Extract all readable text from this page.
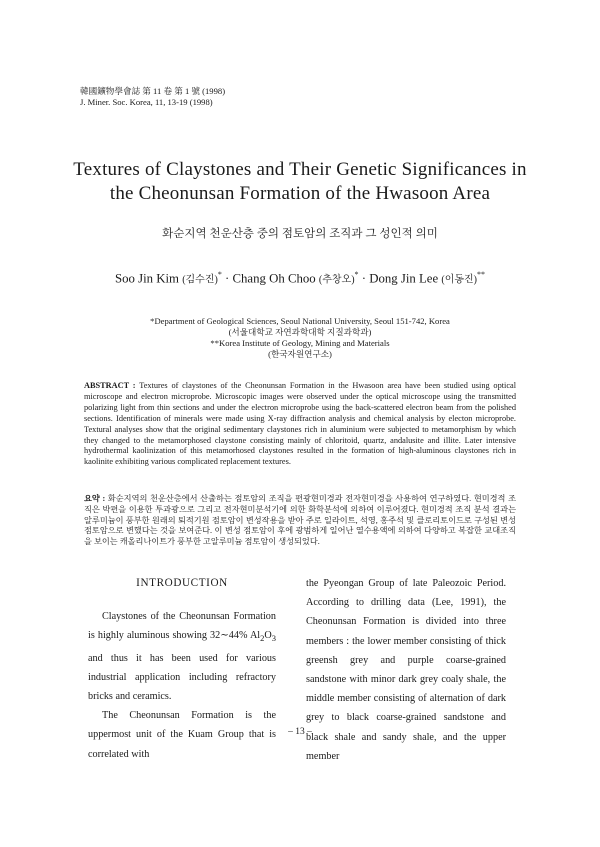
韓國鑛物學會誌 第 11 卷 第 1 號 (1998)
J. Miner. Soc. Korea, 11, 13-19 (1998)
Textures of Claystones and Their Genetic Significances in
the Cheonunsan Formation of the Hwasoon Area
화순지역 천운산층 중의 점토암의 조직과 그 성인적 의미
Soo Jin Kim (김수진)* · Chang Oh Choo (추창오)* · Dong Jin Lee (이동진)**
*Department of Geological Sciences, Seoul National University, Seoul 151-742, Korea
(서울대학교 자연과학대학 지질과학과)
**Korea Institute of Geology, Mining and Materials
(한국자원연구소)
ABSTRACT : Textures of claystones of the Cheonunsan Formation in the Hwasoon area have been studied using optical microscope and electron microprobe. Microscopic images were observed under the optical microscope using the transmitted polarizing light from thin sections and under the electron microprobe using the back-scattered electron beam from the polished sections. Identification of minerals were made using X-ray diffraction analysis and chemical analysis by electon microprobe. Textural analyses show that the original sedimentary claystones rich in aluminium were subjected to metamorphism by which they changed to the metamorphosed claystone consisting mainly of chloritoid, quartz, andalusite and illite. Later intensive hydrothermal kaolinization of this metamorhosed claystones resulted in the formation of high-aluminous claystones rich in kaolinite exhibiting various complicated replacement textures.
요약 : 화순지역의 천운산층에서 산출하는 점토암의 조직을 편광현미경과 전자현미경을 사용하여 연구하였다. 현미경적 조직은 박편을 이용한 투과광으로 그리고 전자현미분석기에 의한 화학분석에 의하여 이루어졌다. 현미경적 조직 분석 결과는 알루미늄이 풍부한 원래의 퇴적기원 점토암이 변성작용을 받아 주로 일라이트, 석영, 홍주석 및 클로리토이드로 구성된 변성점토암으로 변했다는 것을 보여준다. 이 변성 점토암이 후에 광범하게 일어난 열수용액에 의하여 다양하고 복잡한 교대조직을 보이는 캐올리나이트가 풍부한 고알루미늄 점토암이 생성되었다.
INTRODUCTION

Claystones of the Cheonunsan Formation is highly aluminous showing 32∼44% $Al_2O_3$ and thus it has been used for various industrial application including refractory bricks and ceramics.

The Cheonunsan Formation is the uppermost unit of the Kuam Group that is correlated with

the Pyeongan Group of late Paleozoic Period. According to drilling data (Lee, 1991), the Cheonunsan Formation is divided into three members : the lower member consisting of thick greensh grey and purple coarse-grained sandstone with minor dark grey coaly shale, the middle member consisting of alternation of dark grey to black coarse-grained sandstone and black shale and sandy shale, and the upper member

– 13 –
